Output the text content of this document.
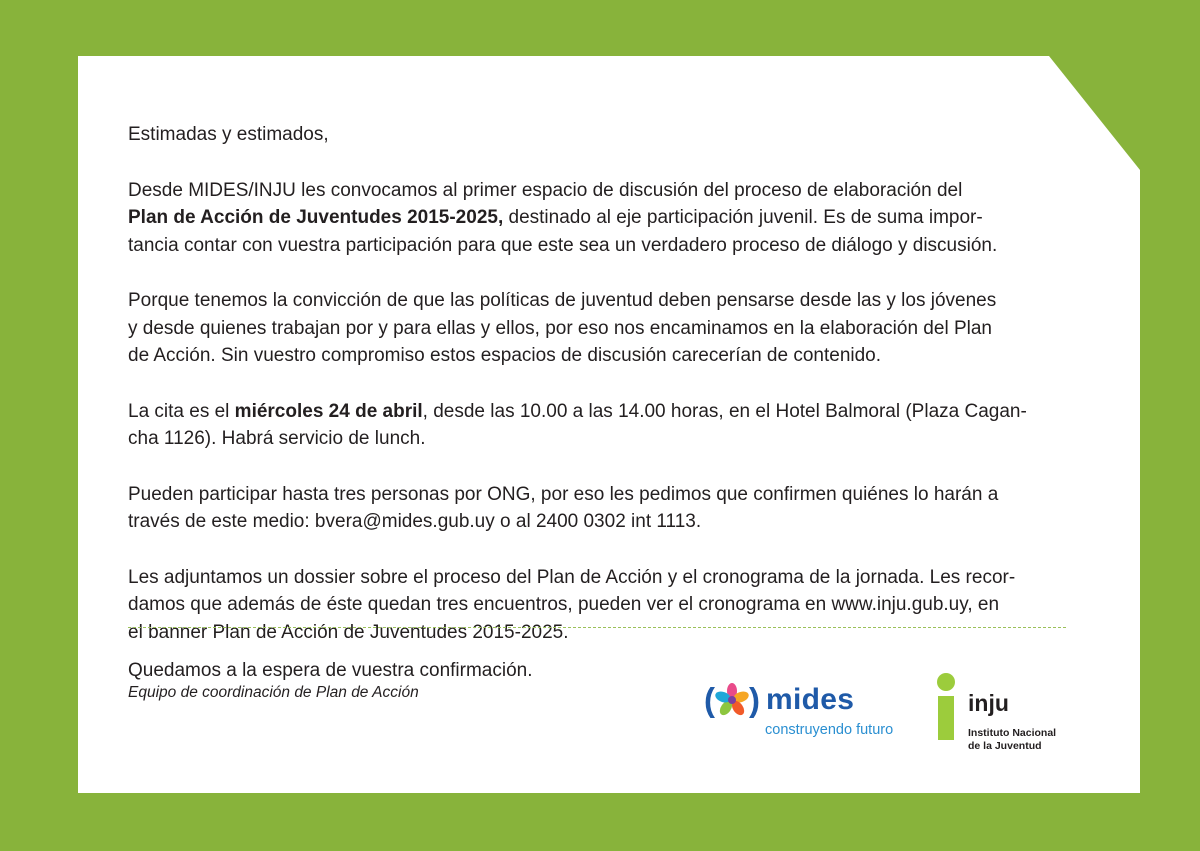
Estimadas y estimados,

Desde MIDES/INJU les convocamos al primer espacio de discusión del proceso de elaboración del
Plan de Acción de Juventudes 2015-2025, destinado al eje participación juvenil. Es de suma impor-
tancia contar con vuestra participación para que este sea un verdadero proceso de diálogo y discusión.

Porque tenemos la convicción de que las políticas de juventud deben pensarse desde las y los jóvenes
y desde quienes trabajan por y para ellas y ellos, por eso nos encaminamos en la elaboración del Plan
de Acción. Sin vuestro compromiso estos espacios de discusión carecerían de contenido.

La cita es el miércoles 24 de abril, desde las 10.00 a las 14.00 horas, en el Hotel Balmoral (Plaza Cagan-
cha 1126). Habrá servicio de lunch.

Pueden participar hasta tres personas por ONG, por eso les pedimos que confirmen quiénes lo harán a
través de este medio: bvera@mides.gub.uy o al 2400 0302 int 1113.

Les adjuntamos un dossier sobre el proceso del Plan de Acción y el cronograma de la jornada. Les recor-
damos que además de éste quedan tres encuentros, pueden ver el cronograma en www.inju.gub.uy, en
el banner Plan de Acción de Juventudes 2015-2025.

Quedamos a la espera de vuestra confirmación.
Equipo de coordinación de Plan de Acción	( ) mides
construyendo futuro
inju
Instituto Nacional
de la Juventud
